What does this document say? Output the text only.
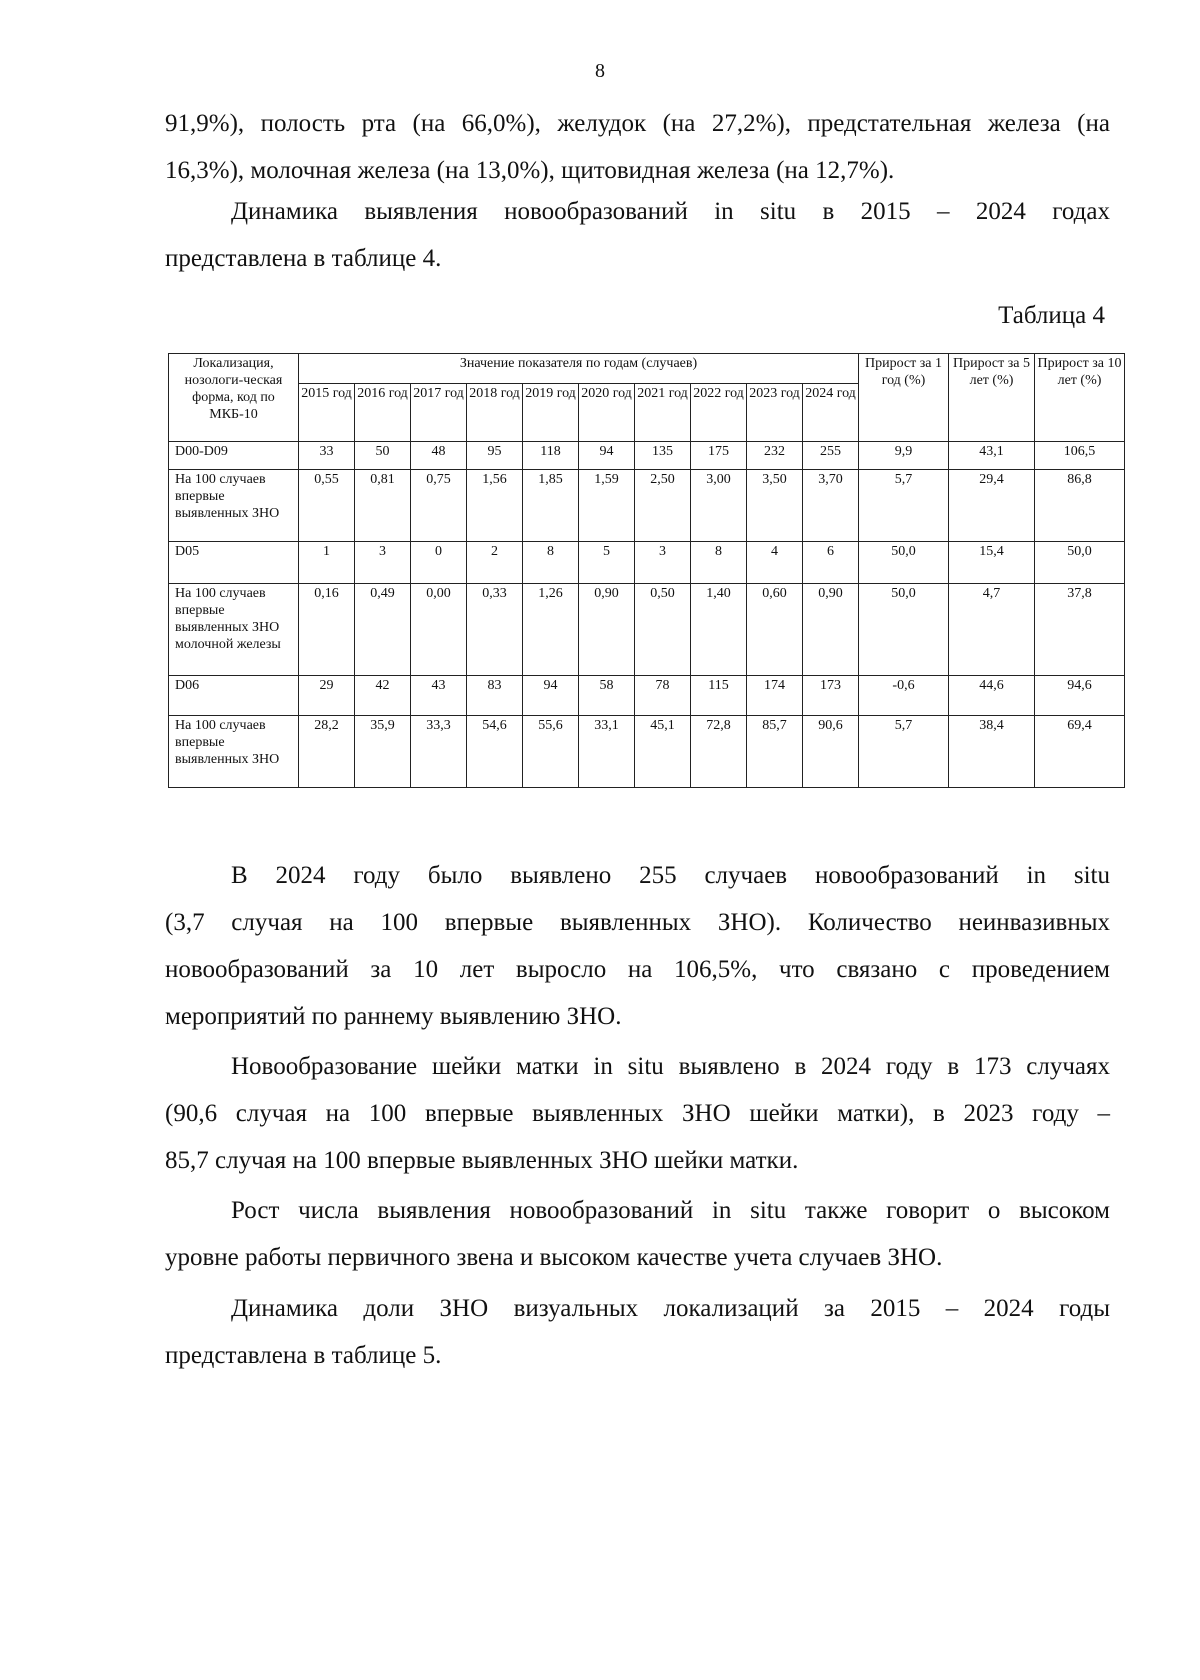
8
91,9%), полость рта (на 66,0%), желудок (на 27,2%), предстательная железа (на
16,3%), молочная железа (на 13,0%), щитовидная железа (на 12,7%).
Динамика выявления новообразований in situ в 2015 – 2024 годах
представлена в таблице 4.
Таблица 4
Локализация, нозологи-ческая форма, код по МКБ-10	Значение показателя по годам (случаев)										Прирост за 1 год (%)	Прирост за 5 лет (%)	Прирост за 10 лет (%)
	2015 год	2016 год	2017 год	2018 год	2019 год	2020 год	2021 год	2022 год	2023 год	2024 год			
D00-D09	33	50	48	95	118	94	135	175	232	255	9,9	43,1	106,5
На 100 случаев впервые выявленных ЗНО	0,55	0,81	0,75	1,56	1,85	1,59	2,50	3,00	3,50	3,70	5,7	29,4	86,8
D05	1	3	0	2	8	5	3	8	4	6	50,0	15,4	50,0
На 100 случаев впервые выявленных ЗНО молочной железы	0,16	0,49	0,00	0,33	1,26	0,90	0,50	1,40	0,60	0,90	50,0	4,7	37,8
D06	29	42	43	83	94	58	78	115	174	173	-0,6	44,6	94,6
На 100 случаев впервые выявленных ЗНО	28,2	35,9	33,3	54,6	55,6	33,1	45,1	72,8	85,7	90,6	5,7	38,4	69,4
В 2024 году было выявлено 255 случаев новообразований in situ
(3,7 случая на 100 впервые выявленных ЗНО). Количество неинвазивных
новообразований за 10 лет выросло на 106,5%, что связано с проведением
мероприятий по раннему выявлению ЗНО.
Новообразование шейки матки in situ выявлено в 2024 году в 173 случаях
(90,6 случая на 100 впервые выявленных ЗНО шейки матки), в 2023 году –
85,7 случая на 100 впервые выявленных ЗНО шейки матки.
Рост числа выявления новообразований in situ также говорит о высоком
уровне работы первичного звена и высоком качестве учета случаев ЗНО.
Динамика доли ЗНО визуальных локализаций за 2015 – 2024 годы
представлена в таблице 5.
